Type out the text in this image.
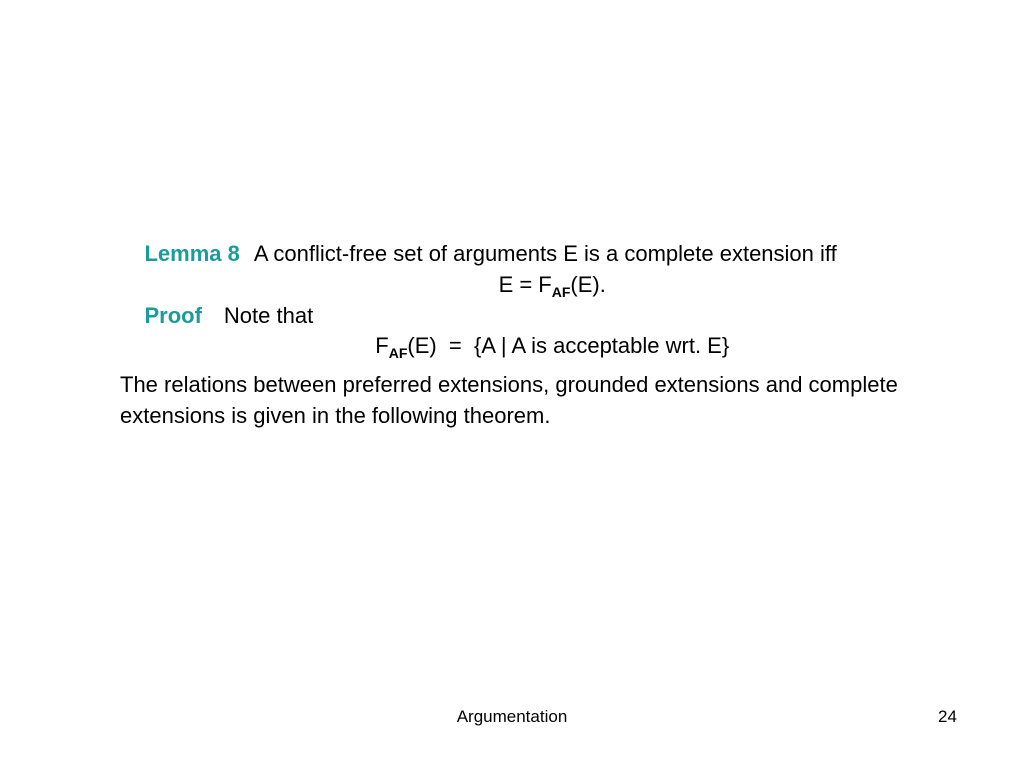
Lemma 8 A conflict-free set of arguments E is a complete extension iff

$E = F_{AF}(E)$.

Proof Note that

$F_{AF}(E) = \{A$ | A is acceptable wrt. E}

The relations between preferred extensions, grounded extensions and complete extensions is given in the following theorem.
Argumentation	24
